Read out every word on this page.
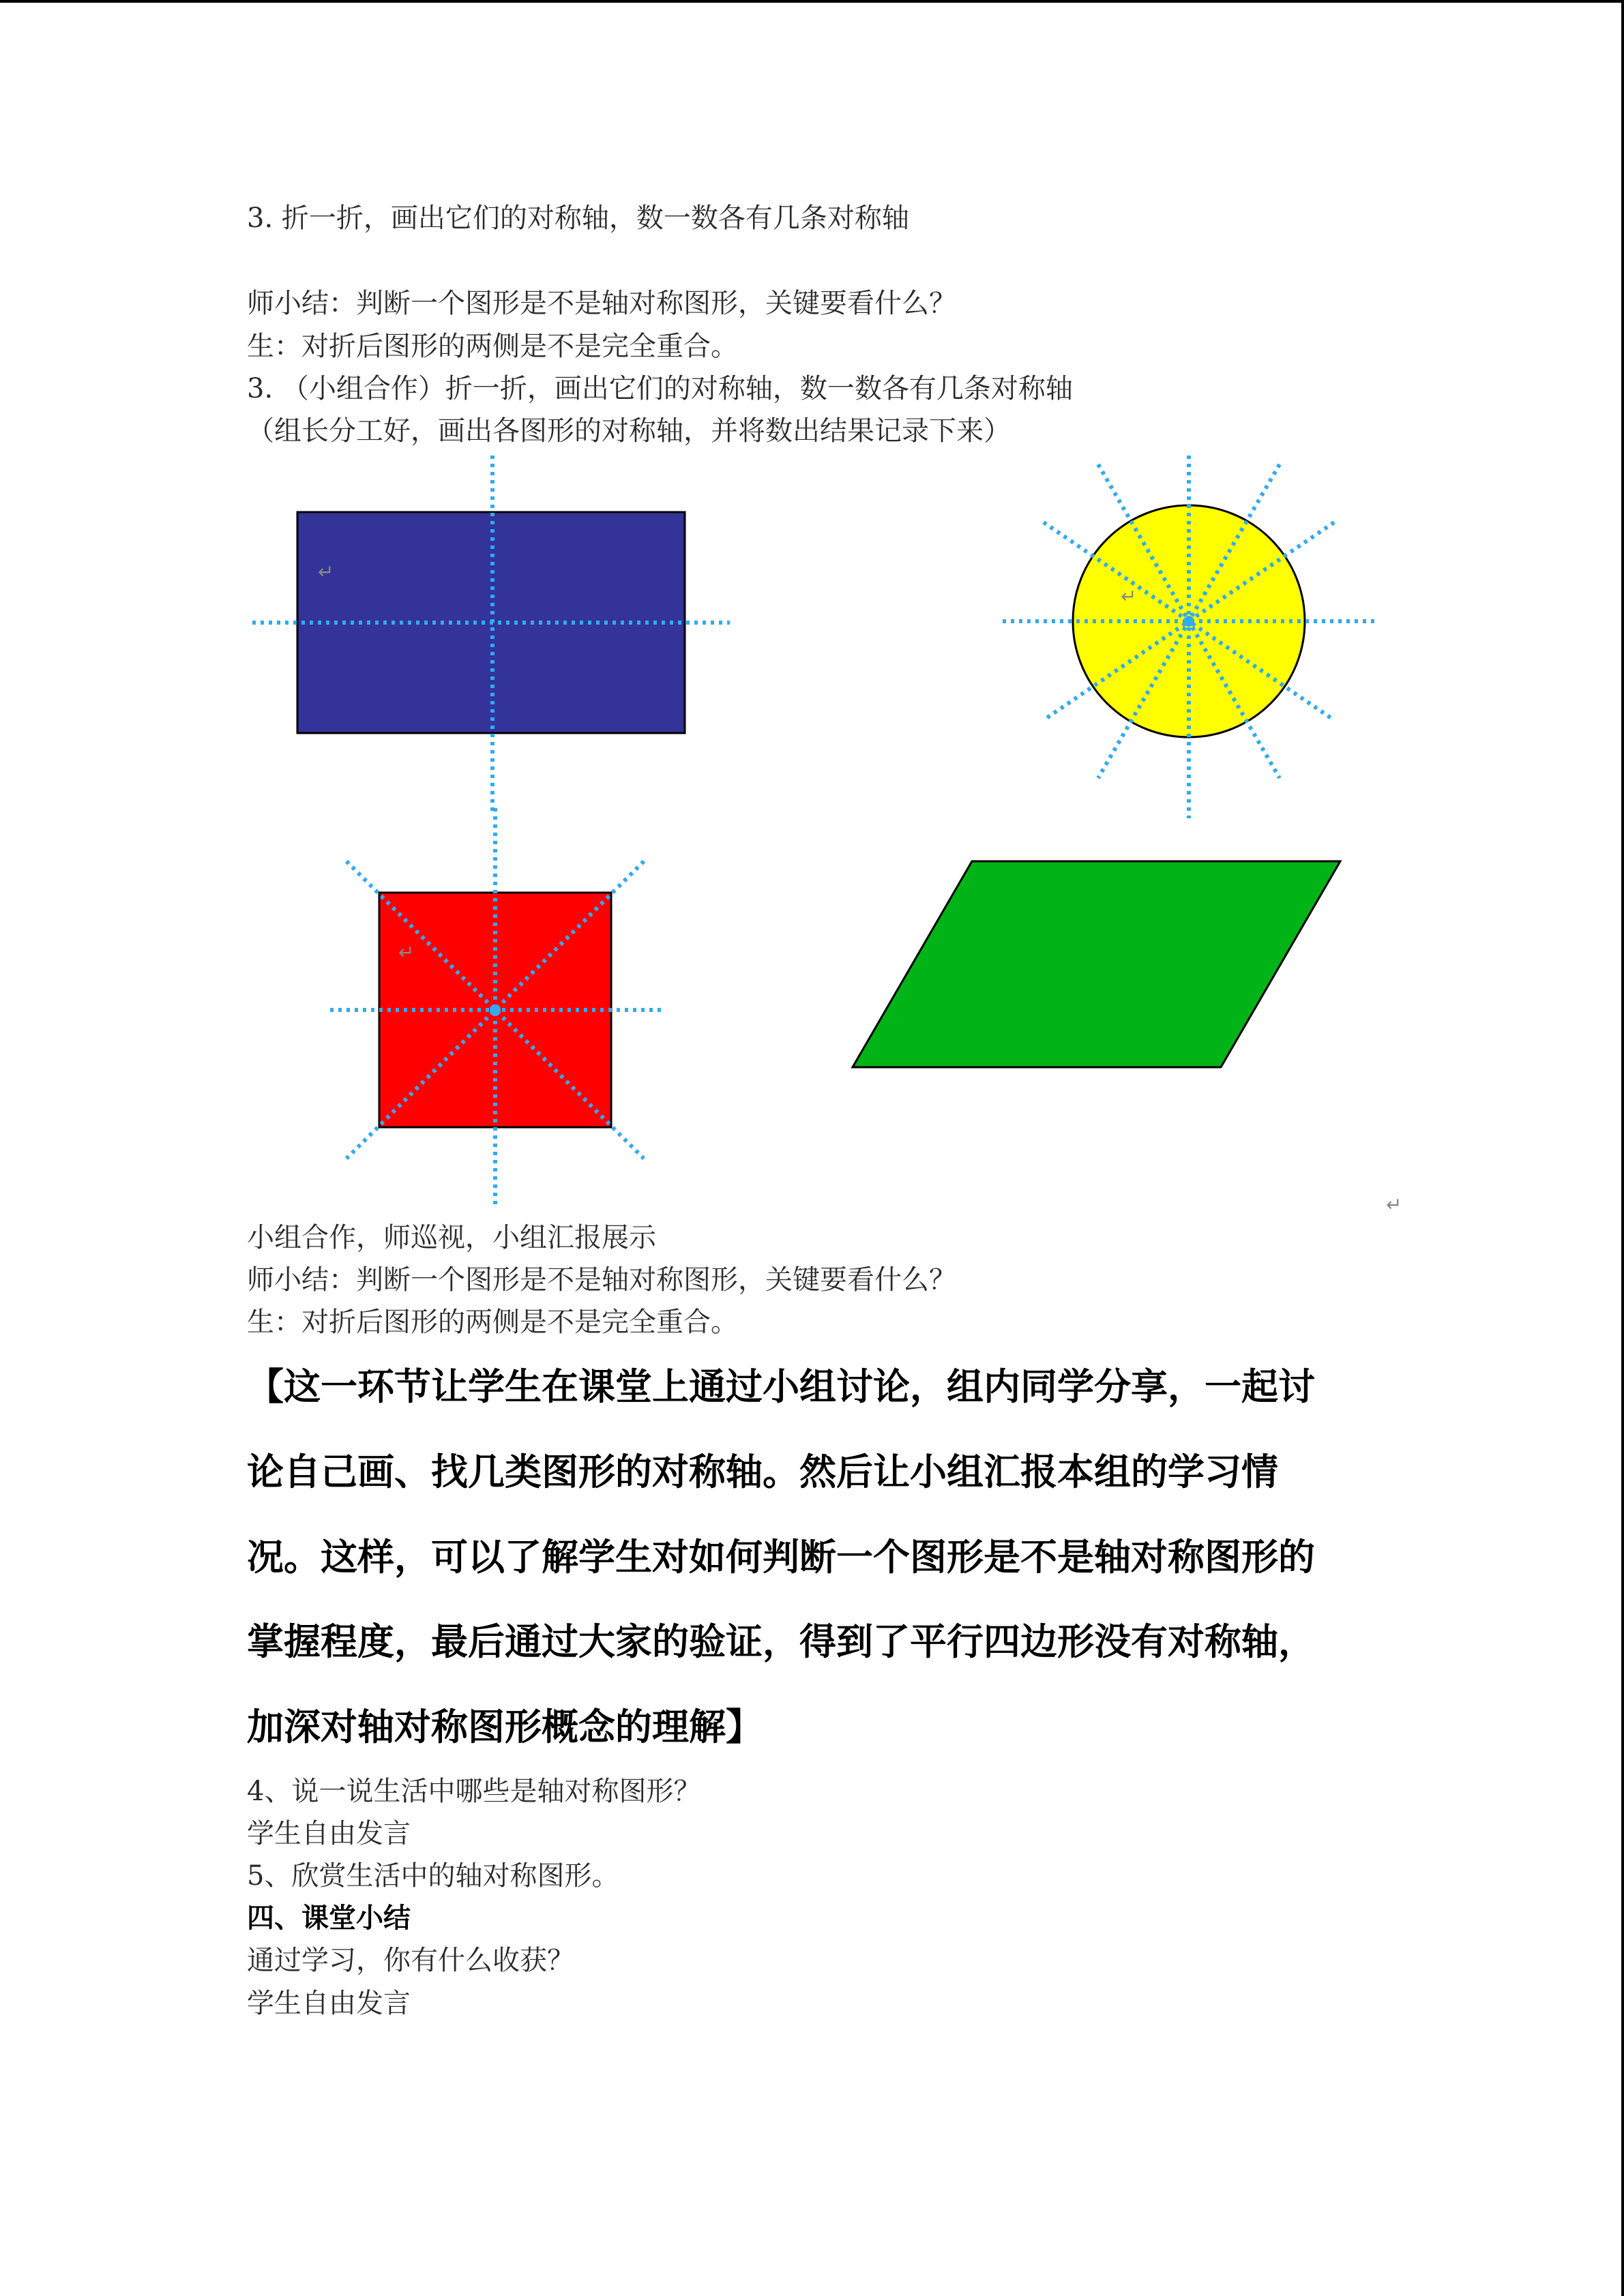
3. 折一折，画出它们的对称轴，数一数各有几条对称轴
师小结：判断一个图形是不是轴对称图形，关键要看什么？
生：对折后图形的两侧是不是完全重合。
3. （小组合作）折一折，画出它们的对称轴，数一数各有几条对称轴
（组长分工好，画出各图形的对称轴，并将数出结果记录下来）
↵
↵
↵
↵
小组合作，师巡视，小组汇报展示
师小结：判断一个图形是不是轴对称图形，关键要看什么？
生：对折后图形的两侧是不是完全重合。
【这一环节让学生在课堂上通过小组讨论，组内同学分享，一起讨
论自己画、找几类图形的对称轴。然后让小组汇报本组的学习情
况。这样，可以了解学生对如何判断一个图形是不是轴对称图形的
掌握程度，最后通过大家的验证，得到了平行四边形没有对称轴，
加深对轴对称图形概念的理解】
4、说一说生活中哪些是轴对称图形？
学生自由发言
5、欣赏生活中的轴对称图形。
四、课堂小结
通过学习，你有什么收获？
学生自由发言
